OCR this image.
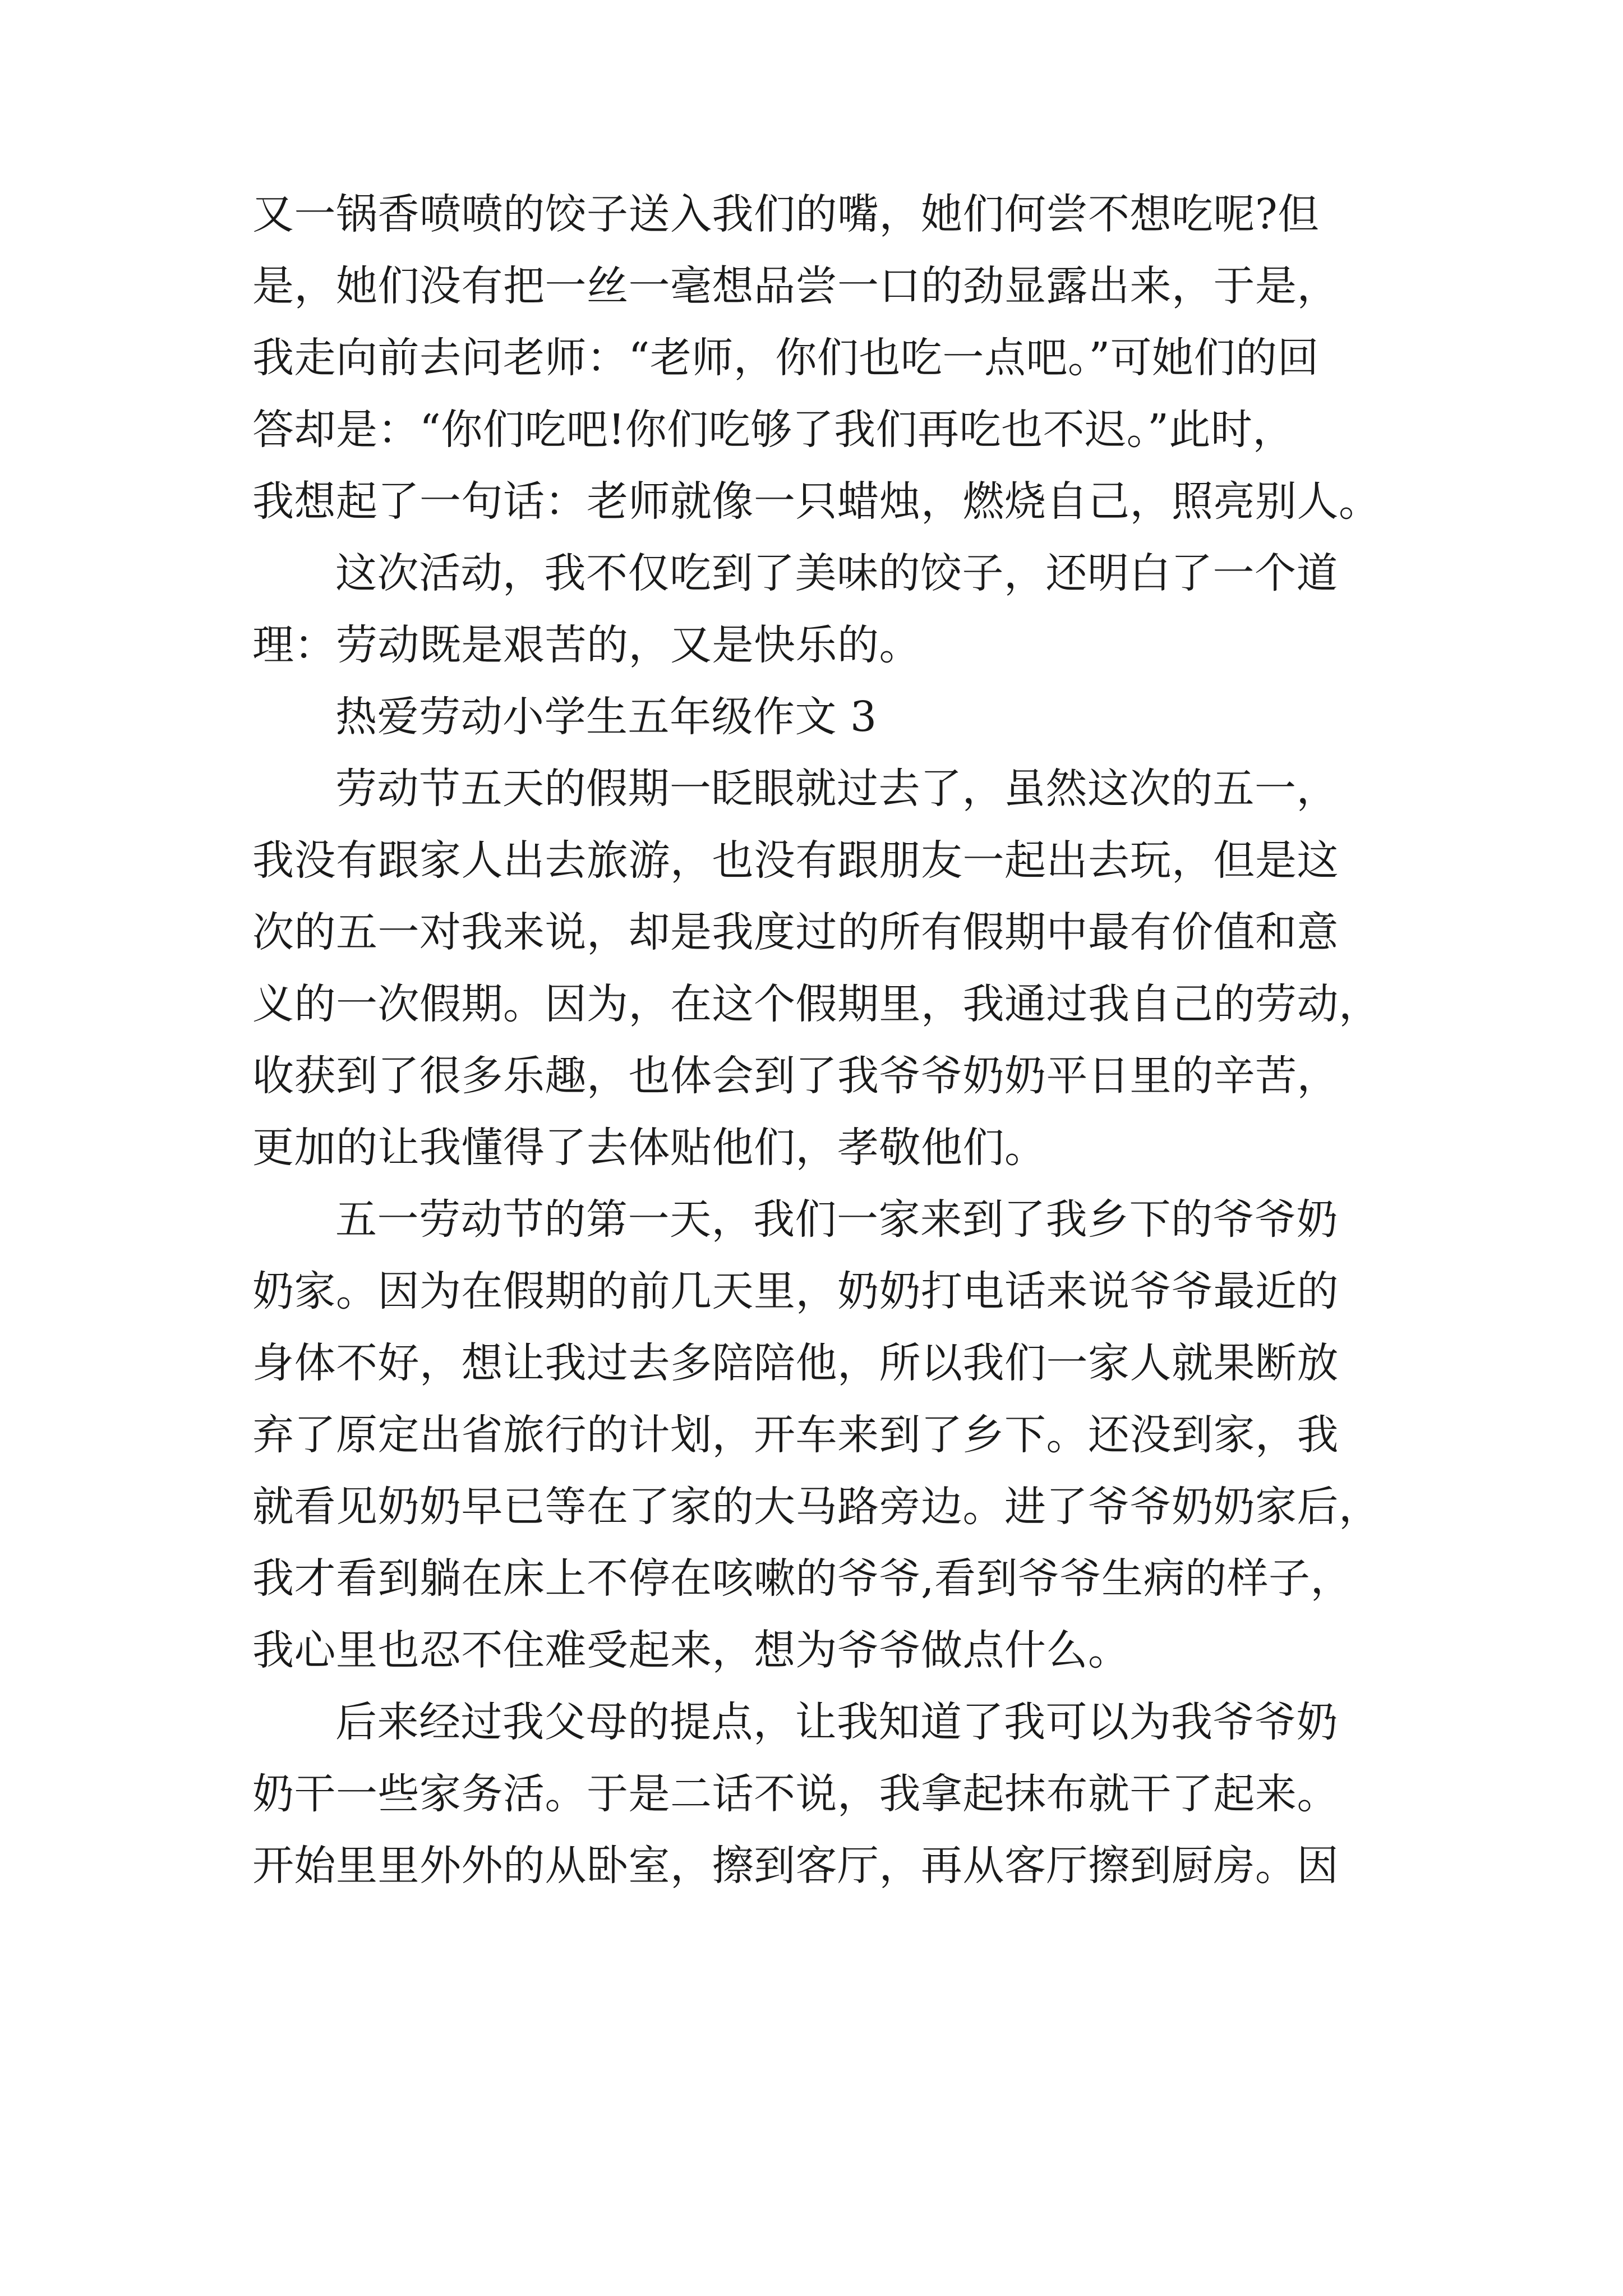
又一锅香喷喷的饺子送入我们的嘴，她们何尝不想吃呢?但
是，她们没有把一丝一毫想品尝一口的劲显露出来，于是，
我走向前去问老师：“老师，你们也吃一点吧。”可她们的回
答却是：“你们吃吧!你们吃够了我们再吃也不迟。”此时，
我想起了一句话：老师就像一只蜡烛，燃烧自己，照亮别人。
这次活动，我不仅吃到了美味的饺子，还明白了一个道
理：劳动既是艰苦的，又是快乐的。
热爱劳动小学生五年级作文 3
劳动节五天的假期一眨眼就过去了，虽然这次的五一，
我没有跟家人出去旅游，也没有跟朋友一起出去玩，但是这
次的五一对我来说，却是我度过的所有假期中最有价值和意
义的一次假期。因为，在这个假期里，我通过我自己的劳动，
收获到了很多乐趣，也体会到了我爷爷奶奶平日里的辛苦，
更加的让我懂得了去体贴他们，孝敬他们。
五一劳动节的第一天，我们一家来到了我乡下的爷爷奶
奶家。因为在假期的前几天里，奶奶打电话来说爷爷最近的
身体不好，想让我过去多陪陪他，所以我们一家人就果断放
弃了原定出省旅行的计划，开车来到了乡下。还没到家，我
就看见奶奶早已等在了家的大马路旁边。进了爷爷奶奶家后，
我才看到躺在床上不停在咳嗽的爷爷,看到爷爷生病的样子，
我心里也忍不住难受起来，想为爷爷做点什么。
后来经过我父母的提点，让我知道了我可以为我爷爷奶
奶干一些家务活。于是二话不说，我拿起抹布就干了起来。
开始里里外外的从卧室，擦到客厅，再从客厅擦到厨房。因
